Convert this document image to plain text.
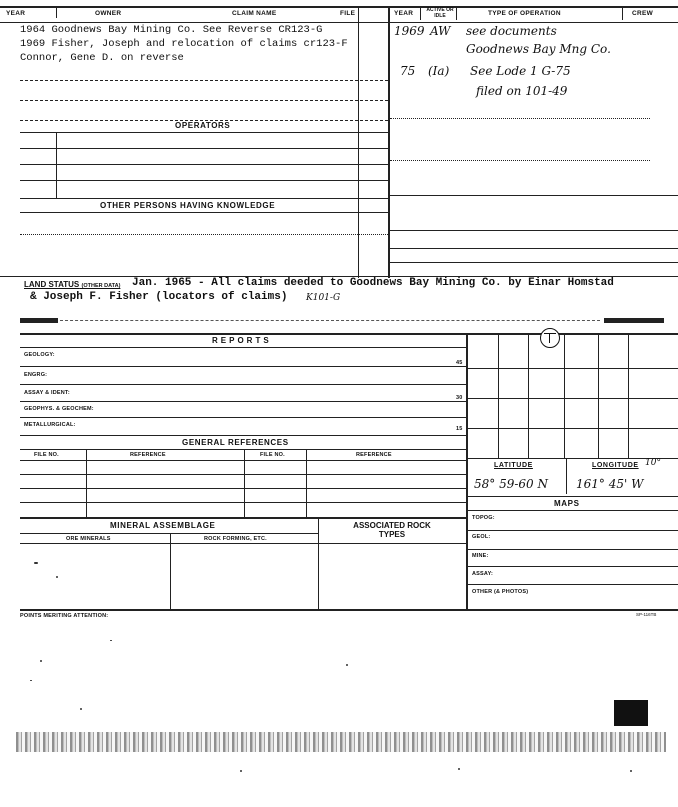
YEAR	OWNER	CLAIM NAME	FILE	YEAR	ACTIVE OR IDLE	TYPE OF OPERATION	CREW
1964 Goodnews Bay Mining Co. See Reverse CR123-G
1969 Fisher, Joseph and relocation of claims cr123-F
Connor, Gene D. on reverse
1969 AW see documents
Goodnews Bay Mng Co.
75 (Ia) See Lode 1 G-75
filed on 101-49
OPERATORS
OTHER PERSONS HAVING KNOWLEDGE
LAND STATUS (OTHER DATA) Jan. 1965 - All claims deeded to Goodnews Bay Mining Co. by Einar Homstad
& Joseph F. Fisher (locators of claims) K101-G
REPORTS
GEOLOGY:
45
ENGRG:
ASSAY & IDENT:
30
GEOPHYS. & GEOCHEM:
METALLURGICAL:
15
GENERAL REFERENCES
FILE NO.	REFERENCE	FILE NO.	REFERENCE
MINERAL ASSEMBLAGE	ASSOCIATED ROCK TYPES
ORE MINERALS	ROCK FORMING, ETC.
LATITUDE	LONGITUDE 10°
58° 59-60 N 161° 45' W
MAPS
TOPOG:
GEOL:
MINE:
ASSAY:
OTHER (& PHOTOS)
POINTS MERITING ATTENTION:	SP-116TB
